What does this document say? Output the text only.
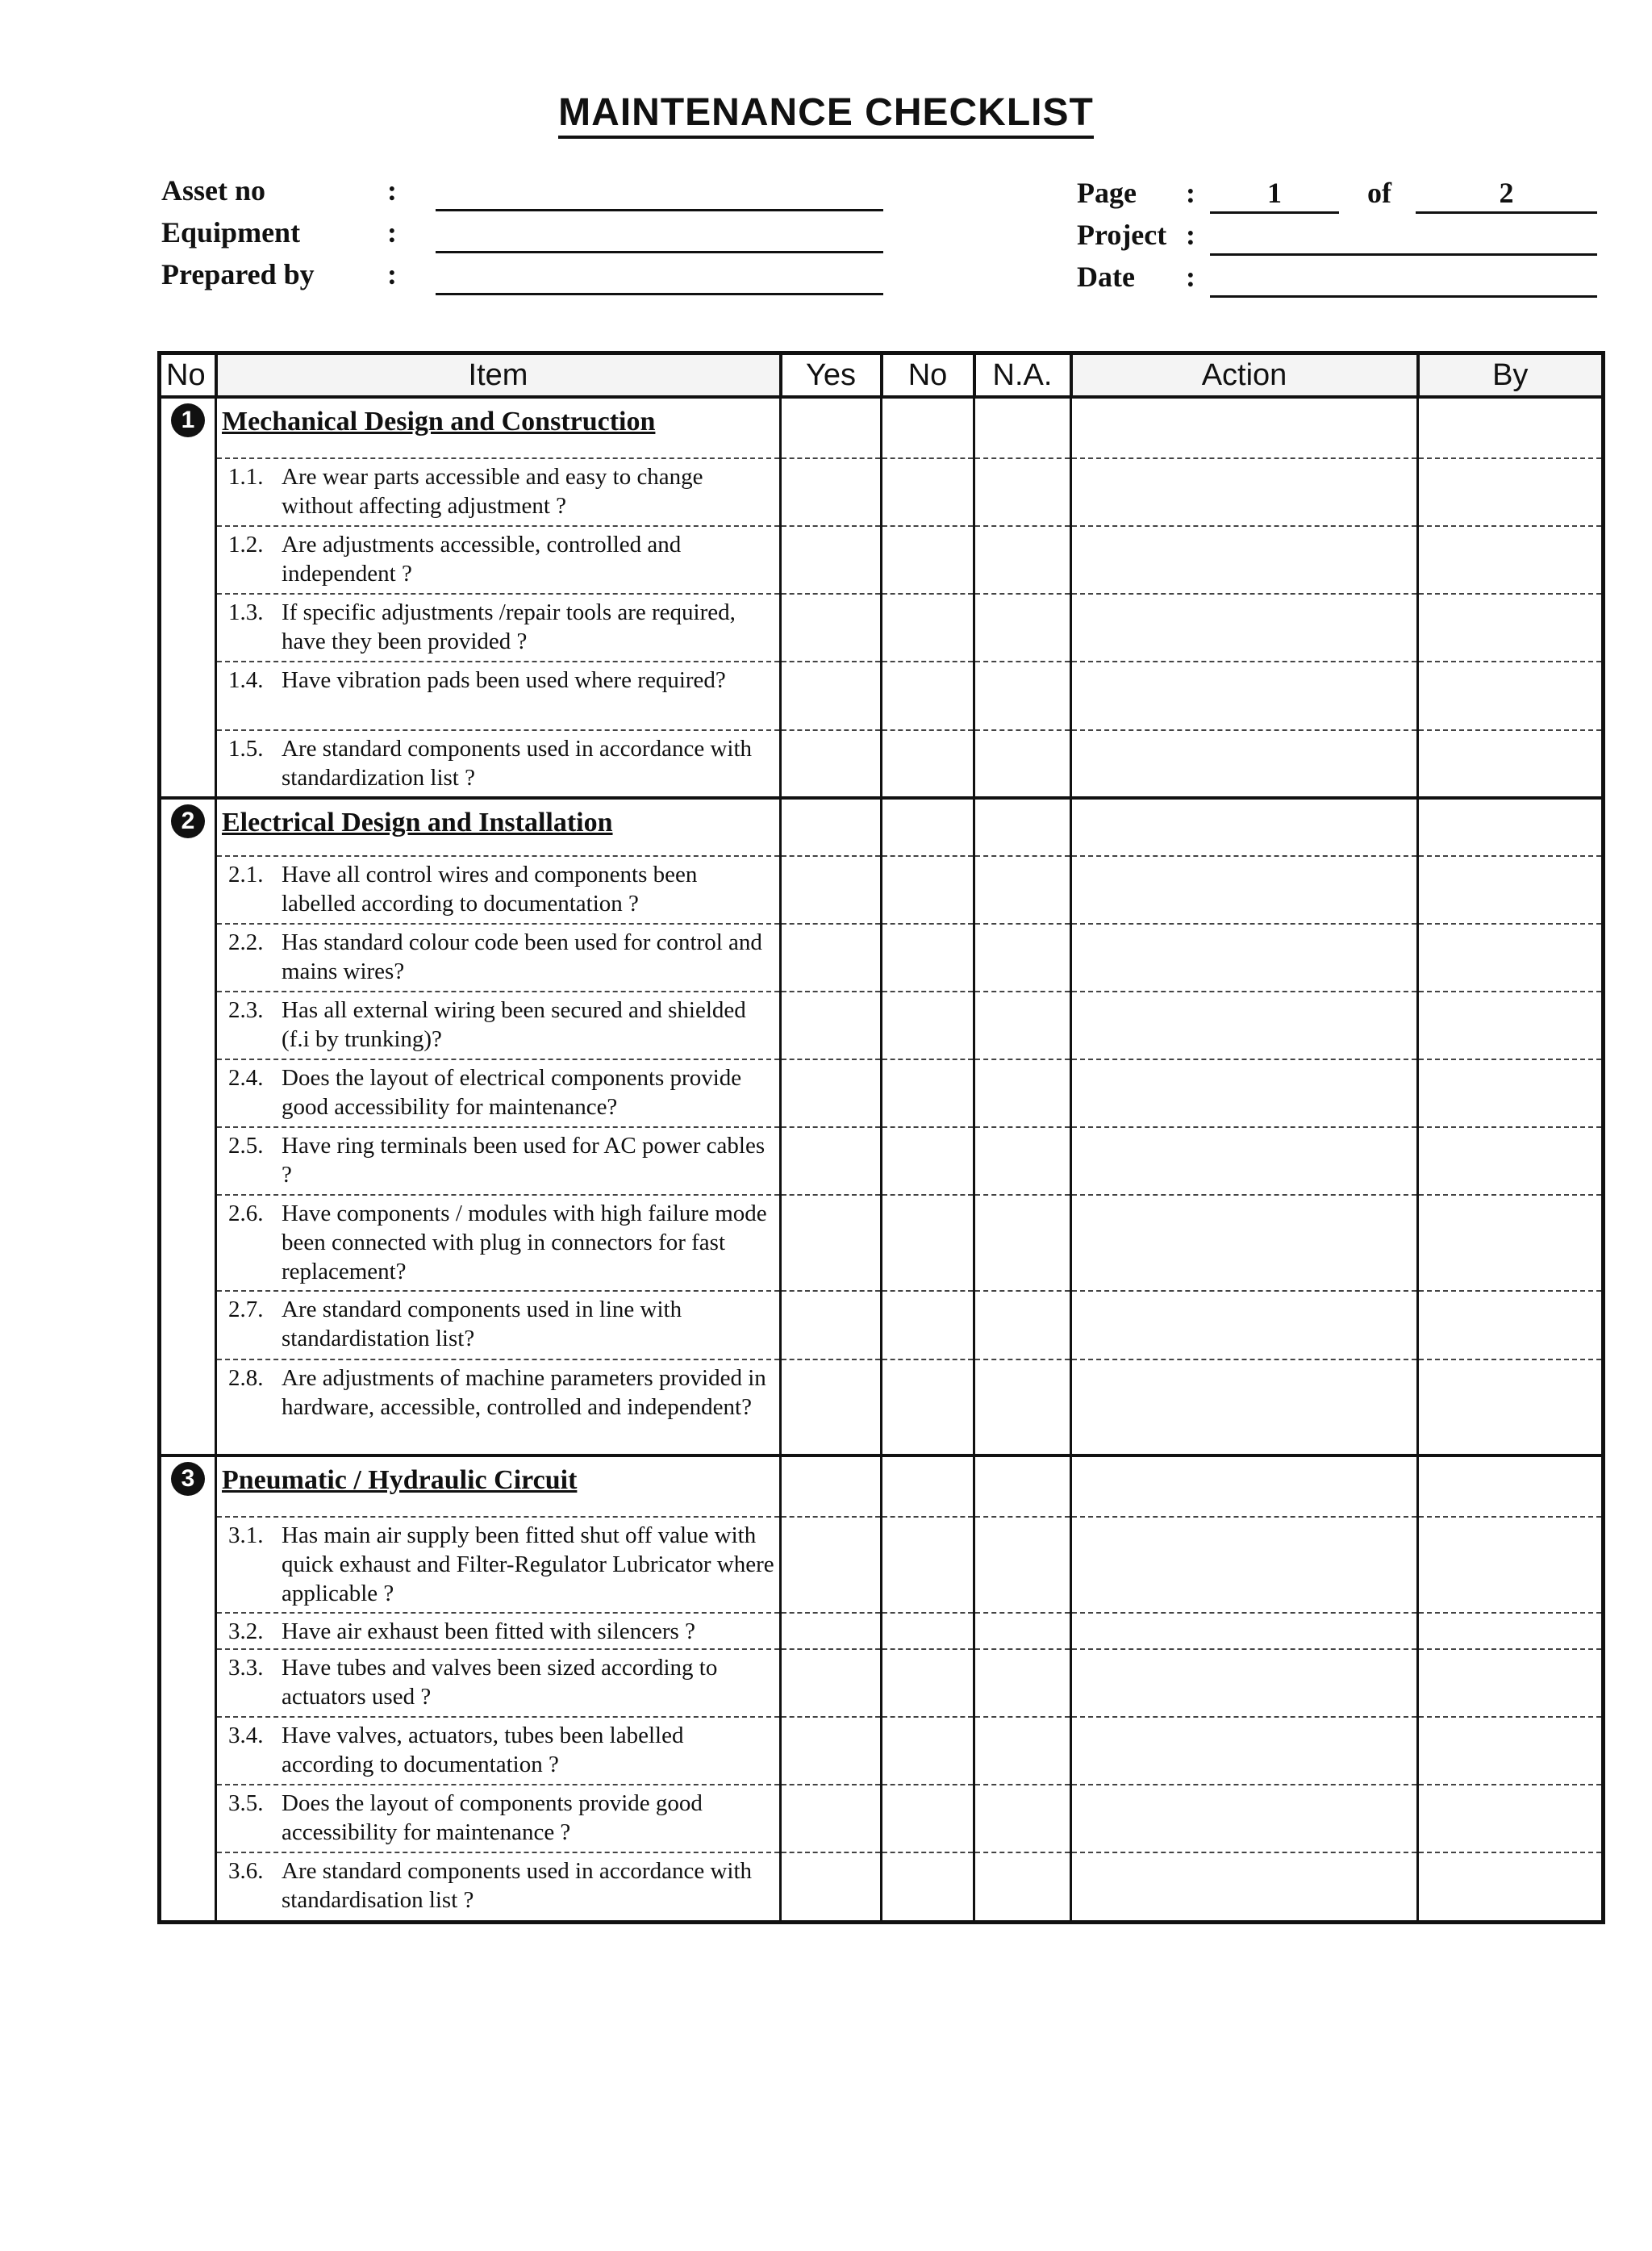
MAINTENANCE CHECKLIST
Asset no	:
Equipment	:
Prepared by	:
Page :	1	of	2
Project :
Date :
No	Item	Yes	No	N.A.	Action	By
1	Mechanical Design and Construction					

	1.1. Are wear parts accessible and easy to change without affecting adjustment ?					

	1.2. Are adjustments accessible, controlled and independent ?					

	1.3. If specific adjustments /repair tools are required, have they been provided ?					

	1.4. Have vibration pads been used where required?					

	1.5. Are standard components used in accordance with standardization list ?					

2	Electrical Design and Installation					

	2.1. Have all control wires and components been labelled according to documentation ?					

	2.2. Has standard colour code been used for control and mains wires?					

	2.3. Has all external wiring been secured and shielded (f.i by trunking)?					

	2.4. Does the layout of electrical components provide good accessibility for maintenance?					

	2.5. Have ring terminals been used for AC power cables ?					

	2.6. Have components / modules with high failure mode been connected with plug in connectors for fast replacement?					

	2.7. Are standard components used in line with standardistation list?					

	2.8. Are adjustments of machine parameters provided in hardware, accessible, controlled and independent?					

3	Pneumatic / Hydraulic Circuit					

	3.1. Has main air supply been fitted shut off value with quick exhaust and Filter-Regulator Lubricator where applicable ?					

	3.2. Have air exhaust been fitted with silencers ?					

	3.3. Have tubes and valves been sized according to actuators used ?					

	3.4. Have valves, actuators, tubes been labelled according to documentation ?					

	3.5. Does the layout of components provide good accessibility for maintenance ?					

	3.6. Are standard components used in accordance with standardisation list ?					
